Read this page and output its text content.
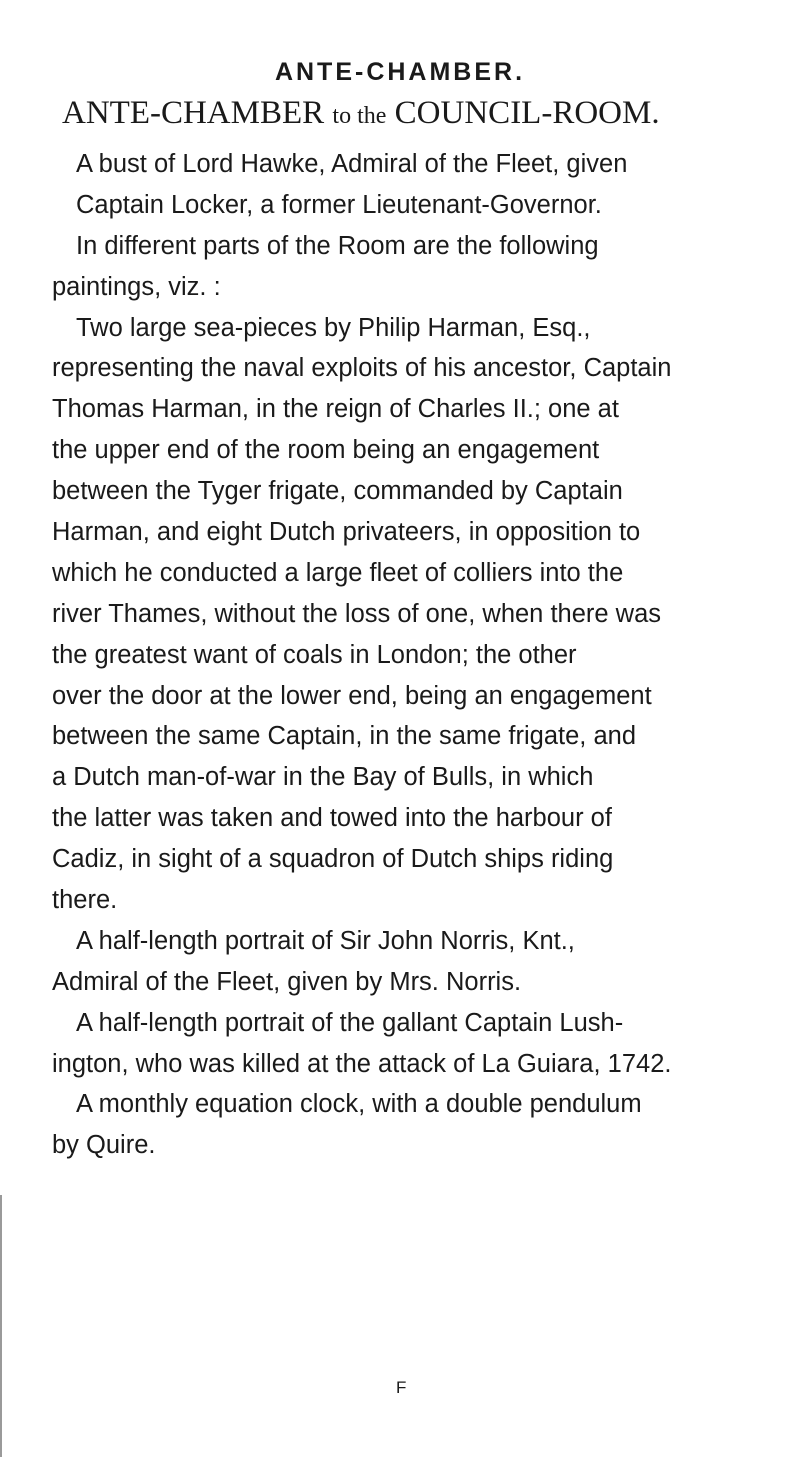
ANTE-CHAMBER.
ANTE-CHAMBER to the COUNCIL-ROOM.
A bust of Lord Hawke, Admiral of the Fleet, given
Captain Locker, a former Lieutenant-Governor.
In different parts of the Room are the following
paintings, viz. :
Two large sea-pieces by Philip Harman, Esq.,
representing the naval exploits of his ancestor, Captain
Thomas Harman, in the reign of Charles II.; one at
the upper end of the room being an engagement
between the Tyger frigate, commanded by Captain
Harman, and eight Dutch privateers, in opposition to
which he conducted a large fleet of colliers into the
river Thames, without the loss of one, when there was
the greatest want of coals in London; the other
over the door at the lower end, being an engagement
between the same Captain, in the same frigate, and
a Dutch man-of-war in the Bay of Bulls, in which
the latter was taken and towed into the harbour of
Cadiz, in sight of a squadron of Dutch ships riding
there.
A half-length portrait of Sir John Norris, Knt.,
Admiral of the Fleet, given by Mrs. Norris.
A half-length portrait of the gallant Captain Lush-
ington, who was killed at the attack of La Guiara, 1742.
A monthly equation clock, with a double pendulum
by Quire.
F
